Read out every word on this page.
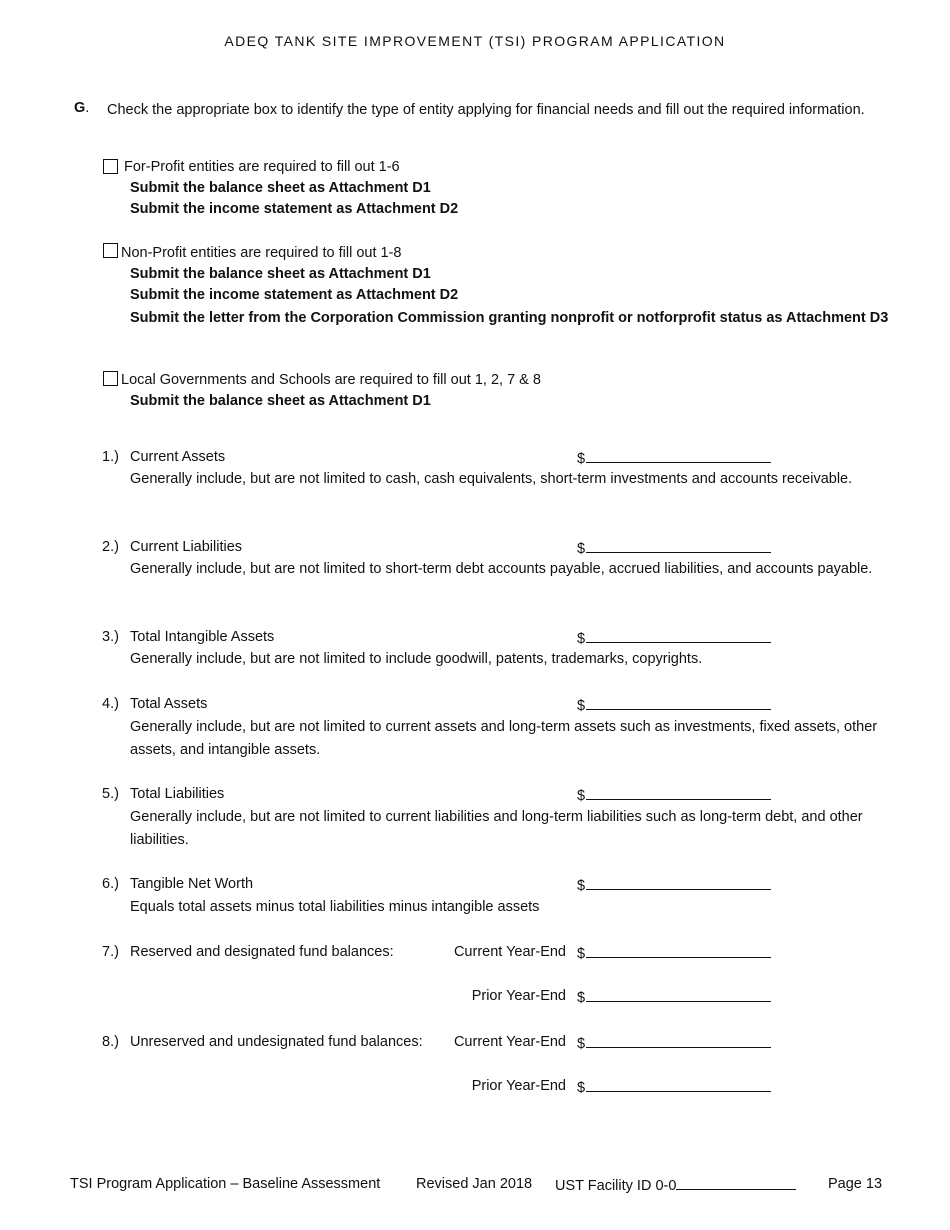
ADEQ TANK SITE IMPROVEMENT (TSI) PROGRAM APPLICATION
G. Check the appropriate box to identify the type of entity applying for financial needs and fill out the required information.
For-Profit entities are required to fill out 1-6
Submit the balance sheet as Attachment D1
Submit the income statement as Attachment D2
Non-Profit entities are required to fill out 1-8
Submit the balance sheet as Attachment D1
Submit the income statement as Attachment D2
Submit the letter from the Corporation Commission granting nonprofit or notforprofit status as Attachment D3
Local Governments and Schools are required to fill out 1, 2, 7 & 8
Submit the balance sheet as Attachment D1
1.) Current Assets	$
Generally include, but are not limited to cash, cash equivalents, short-term investments and accounts receivable.
2.) Current Liabilities	$
Generally include, but are not limited to short-term debt accounts payable, accrued liabilities, and accounts payable.
3.) Total Intangible Assets	$
Generally include, but are not limited to include goodwill, patents, trademarks, copyrights.
4.) Total Assets	$
Generally include, but are not limited to current assets and long-term assets such as investments, fixed assets, other assets, and intangible assets.
5.) Total Liabilities	$
Generally include, but are not limited to current liabilities and long-term liabilities such as long-term debt, and other liabilities.
6.) Tangible Net Worth	$
Equals total assets minus total liabilities minus intangible assets
7.) Reserved and designated fund balances:	Current Year-End $
Prior Year-End $
8.) Unreserved and undesignated fund balances:	Current Year-End $
Prior Year-End $
TSI Program Application – Baseline Assessment Revised Jan 2018 UST Facility ID 0-0	Page 13
